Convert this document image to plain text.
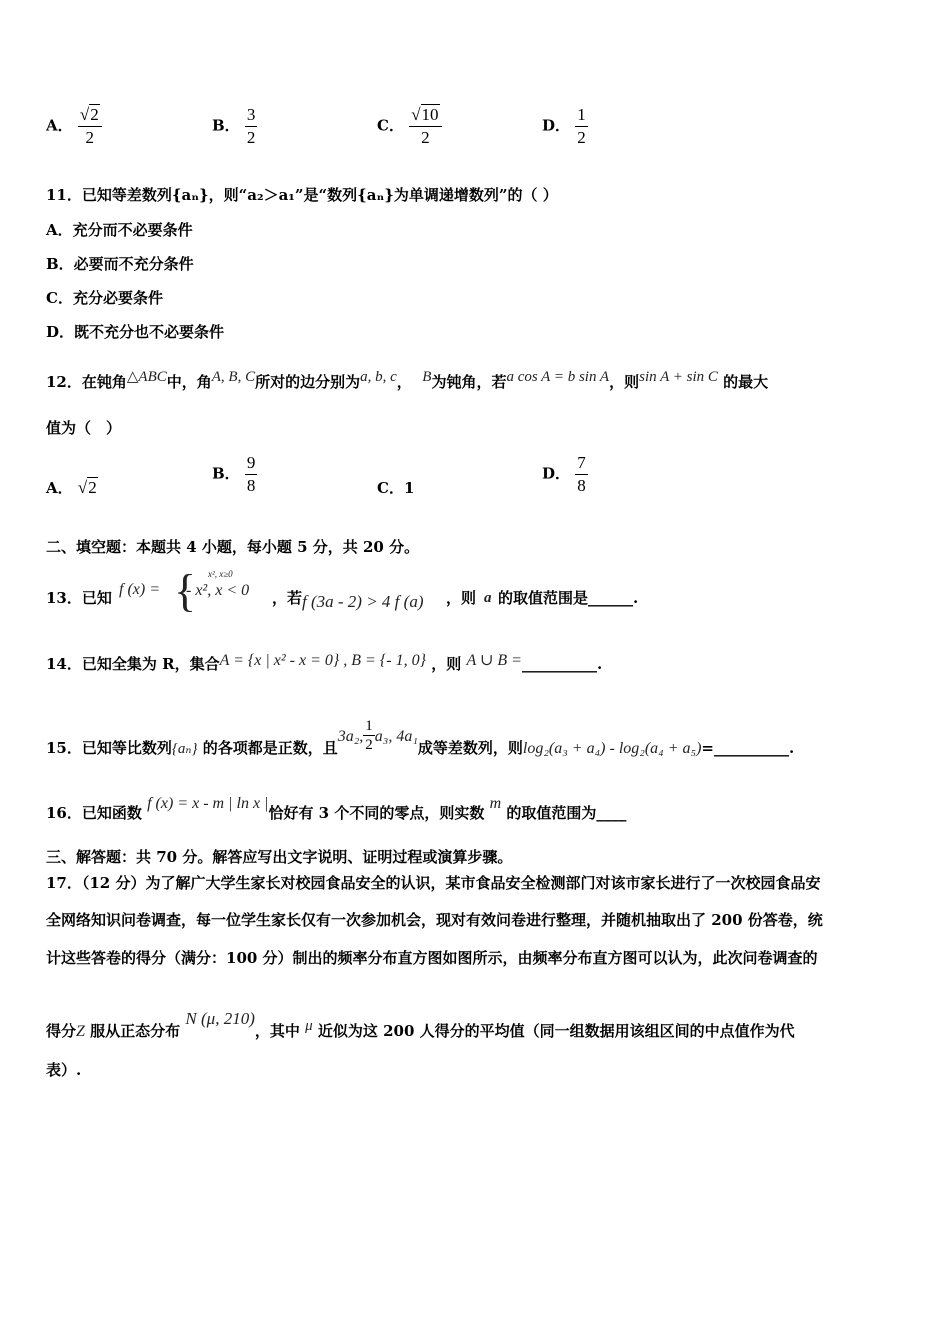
A． $\frac{√2}{2}$	B． $\frac{3}{2}$	C． $\frac{√10}{2}$	D． $\frac{1}{2}$
11．已知等差数列{aₙ}，则“a₂＞a₁”是“数列{aₙ}为单调递增数列”的（ ）
A．充分而不必要条件
B．必要而不充分条件
C．充分必要条件
D．既不充分也不必要条件
12．在钝角△ABC中，角A, B, C所对的边分别为a, b, c， B为钝角，若a cos A = b sin A，则sin A + sin C 的最大
值为（　）
A． √2
B． $\frac{9}{8}$	C．1
D． $\frac{7}{8}$
二、填空题：本题共 4 小题，每小题 5 分，共 20 分。
13．已知 f (x) = { x², x≥0
- x², x < 0 ，若 f (3a - 2) > 4 f (a) ，则 a 的取值范围是______.
14．已知全集为 R，集合A = {x | x² - x = 0} , B = {- 1, 0} ，则 A ∪ B =__________.
15．已知等比数列{aₙ} 的各项都是正数，且3a₂, $\frac{1}{2} a_3$, 4a₁成等差数列，则log₂(a₃ + a₄) - log₂(a₄ + a₅)=__________.
16．已知函数 f (x) = x - m | ln x |恰好有 3 个不同的零点，则实数 m 的取值范围为____
三、解答题：共 70 分。解答应写出文字说明、证明过程或演算步骤。
17．（12 分）为了解广大学生家长对校园食品安全的认识，某市食品安全检测部门对该市家长进行了一次校园食品安
全网络知识问卷调查，每一位学生家长仅有一次参加机会，现对有效问卷进行整理，并随机抽取出了 200 份答卷，统
计这些答卷的得分（满分：100 分）制出的频率分布直方图如图所示，由频率分布直方图可以认为，此次问卷调查的
得分Z 服从正态分布 N (μ, 210)，其中 μ 近似为这 200 人得分的平均值（同一组数据用该组区间的中点值作为代
表）.
